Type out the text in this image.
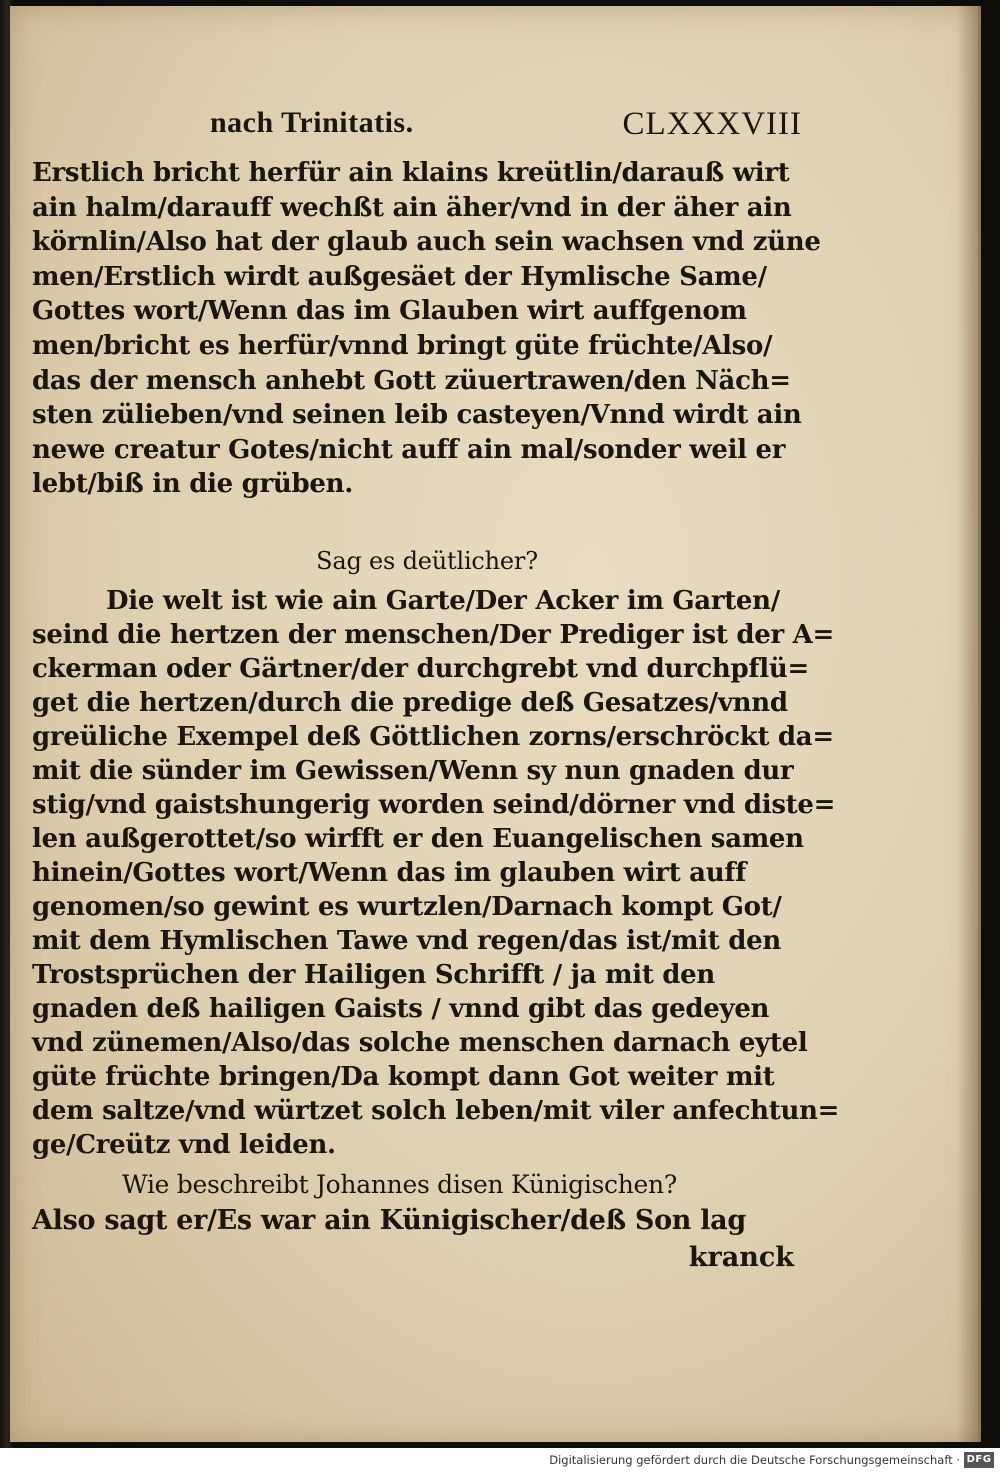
nach Trinitatis.	CLXXXVIII
Erstlich bricht herfür ain klains kreütlin/darauß wirt
ain halm/darauff wechßt ain äher/vnd in der äher ain
körnlin/Also hat der glaub auch sein wachsen vnd züne
men/Erstlich wirdt außgesäet der Hymlische Same/
Gottes wort/Wenn das im Glauben wirt auffgenom
men/bricht es herfür/vnnd bringt güte früchte/Also/
das der mensch anhebt Gott züuertrawen/den Näch=
sten zülieben/vnd seinen leib casteyen/Vnnd wirdt ain
newe creatur Gotes/nicht auff ain mal/sonder weil er
lebt/biß in die grüben.
Sag es deütlicher?
Die welt ist wie ain Garte/Der Acker im Garten/
seind die hertzen der menschen/Der Prediger ist der A=
ckerman oder Gärtner/der durchgrebt vnd durchpflü=
get die hertzen/durch die predige deß Gesatzes/vnnd
greüliche Exempel deß Göttlichen zorns/erschröckt da=
mit die sünder im Gewissen/Wenn sy nun gnaden dur
stig/vnd gaistshungerig worden seind/dörner vnd diste=
len außgerottet/so wirfft er den Euangelischen samen
hinein/Gottes wort/Wenn das im glauben wirt auff
genomen/so gewint es wurtzlen/Darnach kompt Got/
mit dem Hymlischen Tawe vnd regen/das ist/mit den
Trostsprüchen der Hailigen Schrifft / ja mit den
gnaden deß hailigen Gaists / vnnd gibt das gedeyen
vnd zünemen/Also/das solche menschen darnach eytel
güte früchte bringen/Da kompt dann Got weiter mit
dem saltze/vnd würtzet solch leben/mit viler anfechtun=
ge/Creütz vnd leiden.
Wie beschreibt Johannes disen Künigischen?
Also sagt er/Es war ain Künigischer/deß Son lag
kranck
Digitalisierung gefördert durch die Deutsche Forschungsgemeinschaft · DFG
